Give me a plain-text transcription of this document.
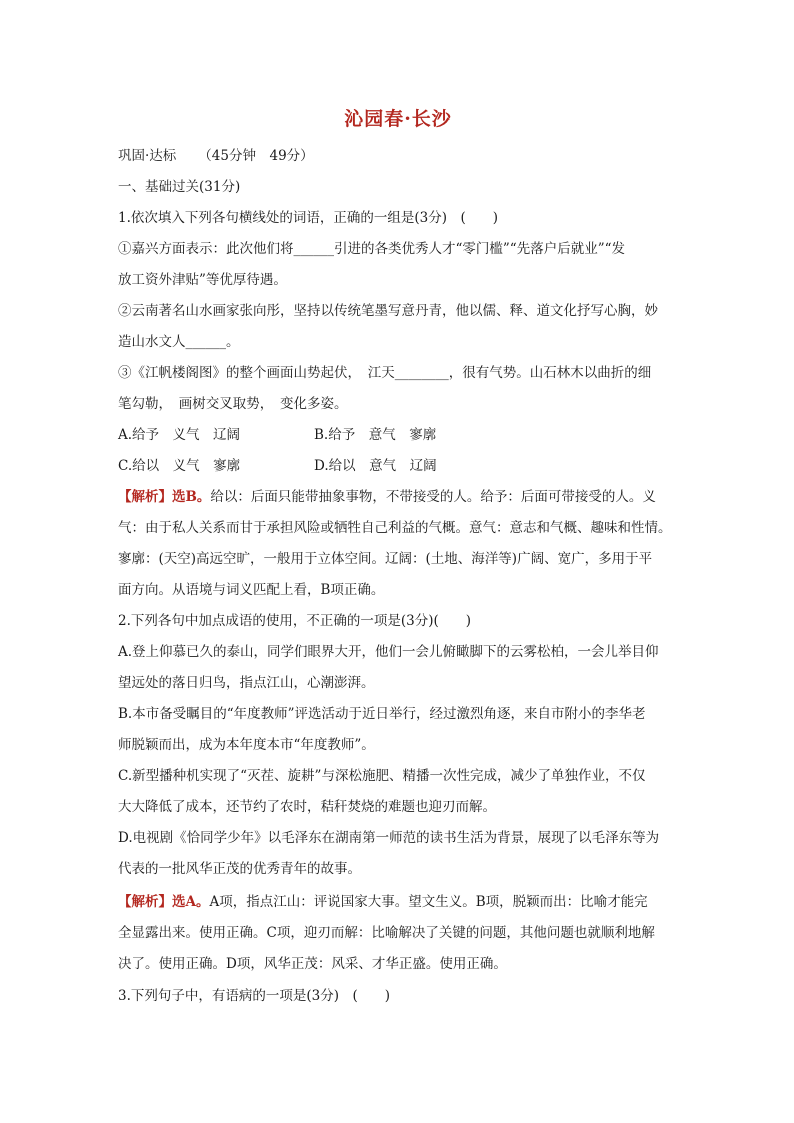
沁园春·长沙
巩固·达标 （45分钟　49分）
一、基础过关(31分)
1.依次填入下列各句横线处的词语，正确的一组是(3分)　(　　)
①嘉兴方面表示：此次他们将______引进的各类优秀人才“零门槛”“先落户后就业”“发
放工资外津贴”等优厚待遇。
②云南著名山水画家张向彤，坚持以传统笔墨写意丹青，他以儒、释、道文化抒写心胸，妙
造山水文人______。
③《江帆楼阁图》的整个画面山势起伏，　江天________，很有气势。山石林木以曲折的细
笔勾勒，　画树交叉取势，　变化多姿。
A.给予　义气　辽阔	B.给予　意气　寥廓
C.给以　义气　寥廓	D.给以　意气　辽阔
【解析】选B。给以：后面只能带抽象事物，不带接受的人。给予：后面可带接受的人。义
气：由于私人关系而甘于承担风险或牺牲自己利益的气概。意气：意志和气概、趣味和性情。
寥廓：(天空)高远空旷，一般用于立体空间。辽阔：(土地、海洋等)广阔、宽广，多用于平
面方向。从语境与词义匹配上看，B项正确。
2.下列各句中加点成语的使用，不正确的一项是(3分)(　　)
A.登上仰慕已久的泰山，同学们眼界大开，他们一会儿俯瞰脚下的云雾松柏，一会儿举目仰
望远处的落日归鸟，指点江山，心潮澎湃。
B.本市备受瞩目的“年度教师”评选活动于近日举行，经过激烈角逐，来自市附小的李华老
师脱颖而出，成为本年度本市“年度教师”。
C.新型播种机实现了“灭茬、旋耕”与深松施肥、精播一次性完成，减少了单独作业，不仅
大大降低了成本，还节约了农时，秸秆焚烧的难题也迎刃而解。
D.电视剧《恰同学少年》以毛泽东在湖南第一师范的读书生活为背景，展现了以毛泽东等为
代表的一批风华正茂的优秀青年的故事。
【解析】选A。A项，指点江山：评说国家大事。望文生义。B项，脱颖而出：比喻才能完
全显露出来。使用正确。C项，迎刃而解：比喻解决了关键的问题，其他问题也就顺利地解
决了。使用正确。D项，风华正茂：风采、才华正盛。使用正确。
3.下列句子中，有语病的一项是(3分)　(　　)
